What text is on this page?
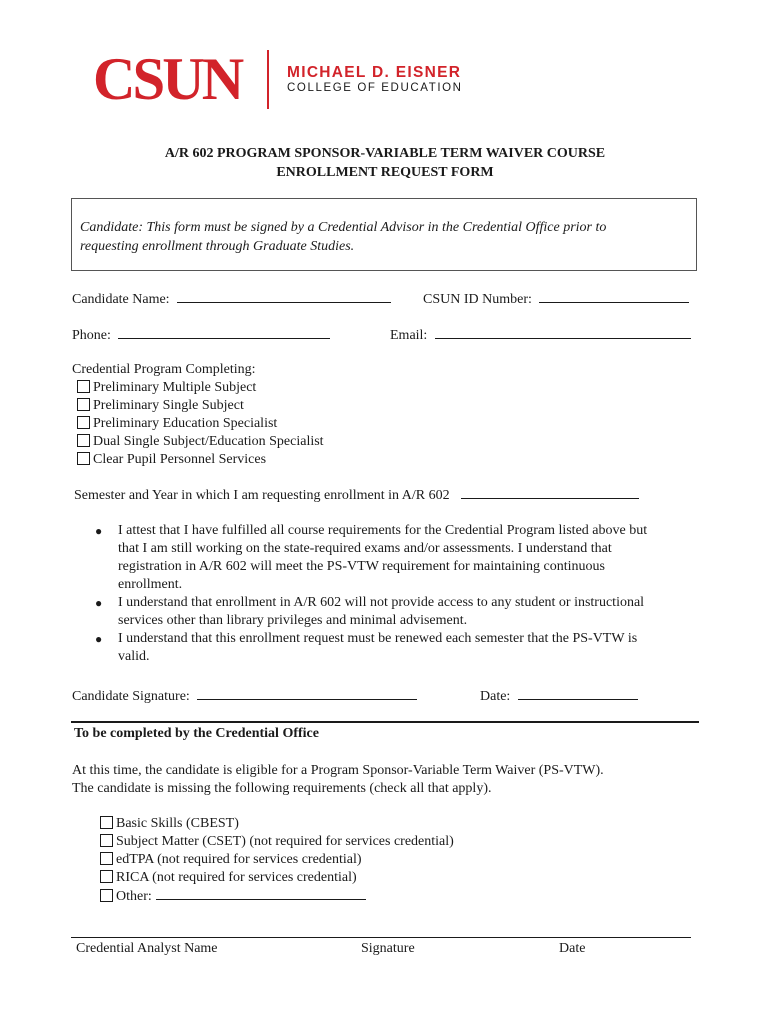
CSUN	MICHAEL D. EISNER
COLLEGE OF EDUCATION
A/R 602 PROGRAM SPONSOR-VARIABLE TERM WAIVER COURSE
ENROLLMENT REQUEST FORM
Candidate: This form must be signed by a Credential Advisor in the Credential Office prior to
requesting enrollment through Graduate Studies.
Candidate Name:	CSUN ID Number:
Phone:	Email:
Credential Program Completing:
Preliminary Multiple Subject
Preliminary Single Subject
Preliminary Education Specialist
Dual Single Subject/Education Specialist
Clear Pupil Personnel Services
Semester and Year in which I am requesting enrollment in A/R 602
● I attest that I have fulfilled all course requirements for the Credential Program listed above but
that I am still working on the state-required exams and/or assessments. I understand that
registration in A/R 602 will meet the PS-VTW requirement for maintaining continuous
enrollment.
● I understand that enrollment in A/R 602 will not provide access to any student or instructional
services other than library privileges and minimal advisement.
● I understand that this enrollment request must be renewed each semester that the PS-VTW is
valid.
Candidate Signature:	Date:
To be completed by the Credential Office
At this time, the candidate is eligible for a Program Sponsor-Variable Term Waiver (PS-VTW).
The candidate is missing the following requirements (check all that apply).
Basic Skills (CBEST)
Subject Matter (CSET) (not required for services credential)
edTPA (not required for services credential)
RICA (not required for services credential)
Other:
Credential Analyst Name	Signature	Date
